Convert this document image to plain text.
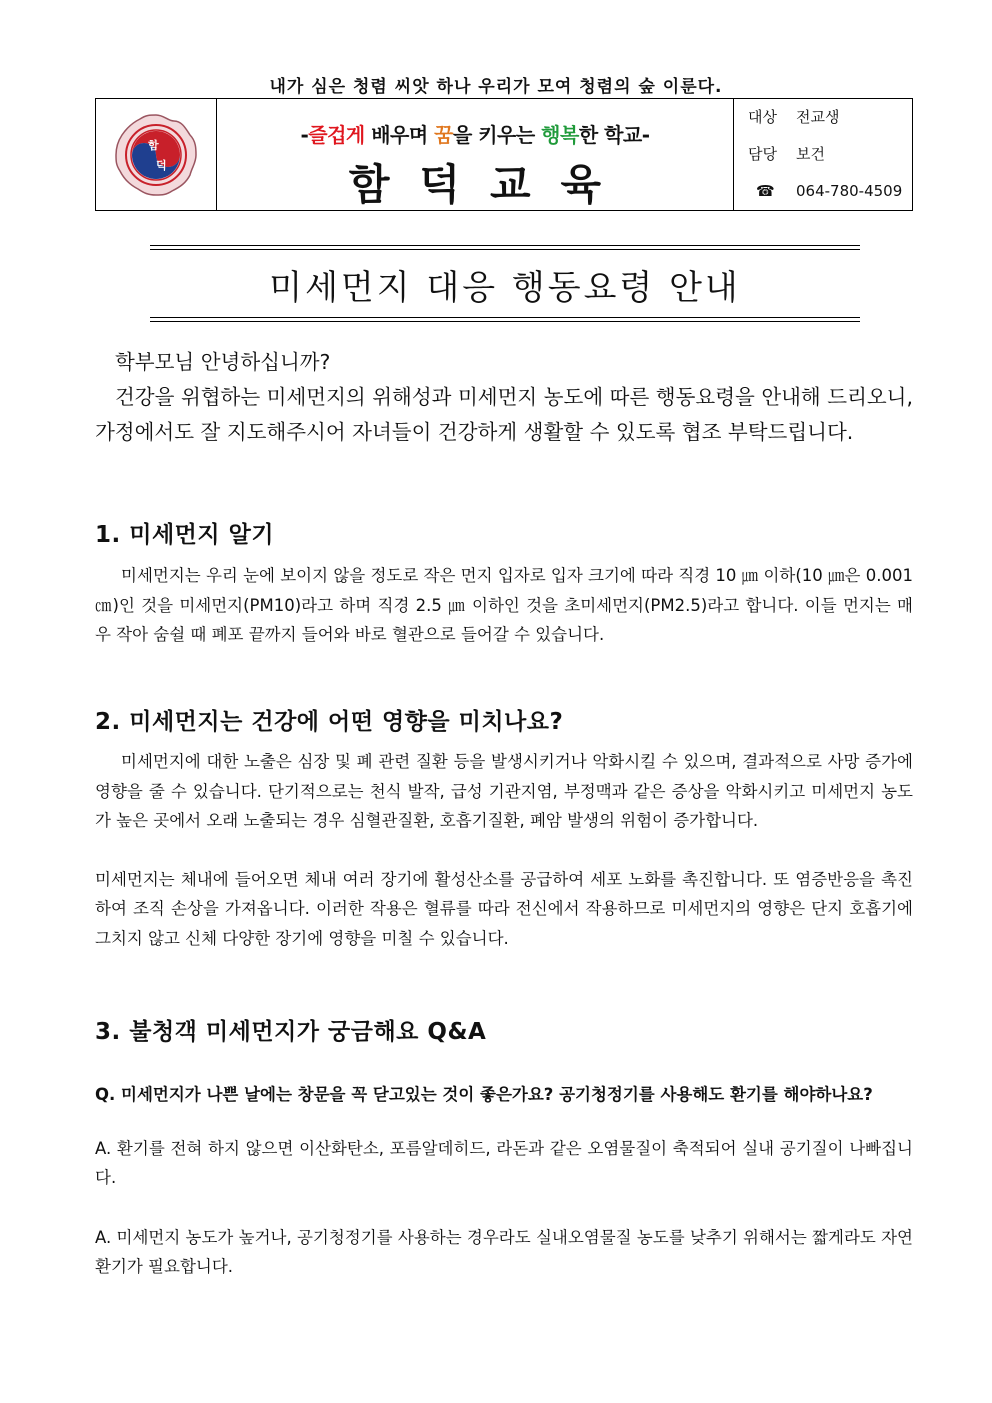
내가 심은 청렴 씨앗 하나 우리가 모여 청렴의 숲 이룬다.
함
덕
-즐겁게 배우며 꿈을 키우는 행복한 학교-
함덕교육
대상 전교생
담당 보건
☎ 064-780-4509
미세먼지 대응 행동요령 안내

학부모님 안녕하십니까?

건강을 위협하는 미세먼지의 위해성과 미세먼지 농도에 따른 행동요령을 안내해 드리오니, 가정에서도 잘 지도해주시어 자녀들이 건강하게 생활할 수 있도록 협조 부탁드립니다.

1. 미세먼지 알기

미세먼지는 우리 눈에 보이지 않을 정도로 작은 먼지 입자로 입자 크기에 따라 직경 10 ㎛ 이하(10 ㎛은 0.001 ㎝)인 것을 미세먼지(PM10)라고 하며 직경 2.5 ㎛ 이하인 것을 초미세먼지(PM2.5)라고 합니다. 이들 먼지는 매우 작아 숨쉴 때 폐포 끝까지 들어와 바로 혈관으로 들어갈 수 있습니다.

2. 미세먼지는 건강에 어떤 영향을 미치나요?

미세먼지에 대한 노출은 심장 및 폐 관련 질환 등을 발생시키거나 악화시킬 수 있으며, 결과적으로 사망 증가에 영향을 줄 수 있습니다. 단기적으로는 천식 발작, 급성 기관지염, 부정맥과 같은 증상을 악화시키고 미세먼지 농도가 높은 곳에서 오래 노출되는 경우 심혈관질환, 호흡기질환, 폐암 발생의 위험이 증가합니다.

미세먼지는 체내에 들어오면 체내 여러 장기에 활성산소를 공급하여 세포 노화를 촉진합니다. 또 염증반응을 촉진하여 조직 손상을 가져옵니다. 이러한 작용은 혈류를 따라 전신에서 작용하므로 미세먼지의 영향은 단지 호흡기에 그치지 않고 신체 다양한 장기에 영향을 미칠 수 있습니다.

3. 불청객 미세먼지가 궁금해요 Q&A

Q. 미세먼지가 나쁜 날에는 창문을 꼭 닫고있는 것이 좋은가요? 공기청정기를 사용해도 환기를 해야하나요?

A. 환기를 전혀 하지 않으면 이산화탄소, 포름알데히드, 라돈과 같은 오염물질이 축적되어 실내 공기질이 나빠집니다.

A. 미세먼지 농도가 높거나, 공기청정기를 사용하는 경우라도 실내오염물질 농도를 낮추기 위해서는 짧게라도 자연환기가 필요합니다.
